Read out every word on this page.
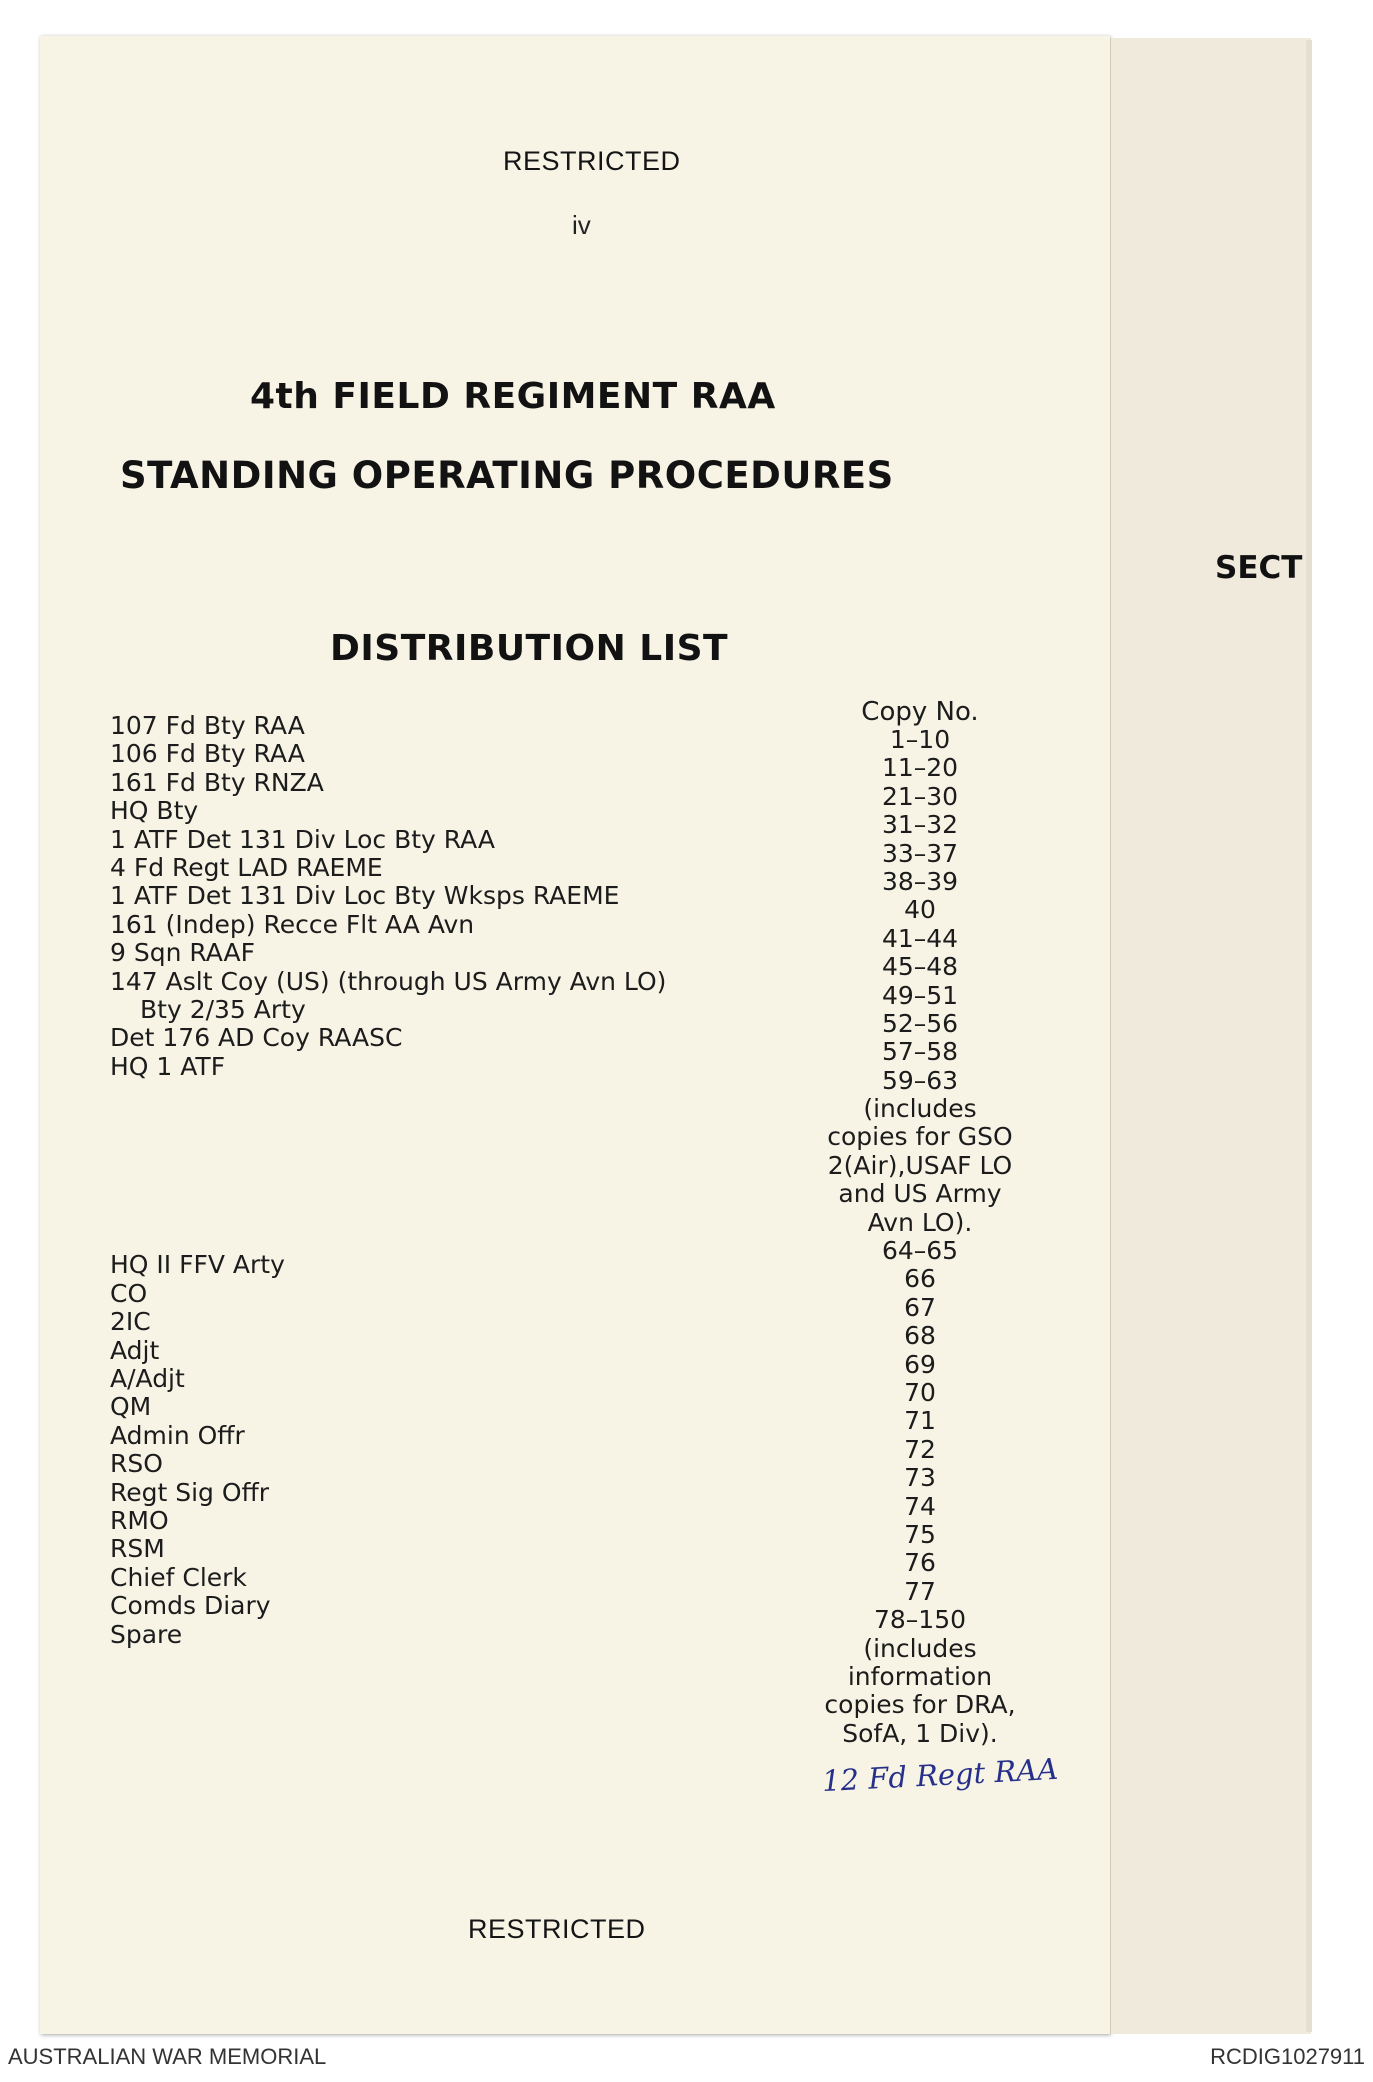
RESTRICTED
iv
4th FIELD REGIMENT RAA
STANDING OPERATING PROCEDURES
DISTRIBUTION LIST
107 Fd Bty RAA
106 Fd Bty RAA
161 Fd Bty RNZA
HQ Bty
1 ATF Det 131 Div Loc Bty RAA
4 Fd Regt LAD RAEME
1 ATF Det 131 Div Loc Bty Wksps RAEME
161 (Indep) Recce Flt AA Avn
9 Sqn RAAF
147 Aslt Coy (US) (through US Army Avn LO)
Bty 2/35 Arty
Det 176 AD Coy RAASC
HQ 1 ATF
HQ II FFV Arty
CO
2IC
Adjt
A/Adjt
QM
Admin Offr
RSO
Regt Sig Offr
RMO
RSM
Chief Clerk
Comds Diary
Spare
Copy No.
1–10
11–20
21–30
31–32
33–37
38–39
40
41–44
45–48
49–51
52–56
57–58
59–63
(includes
copies for GSO
2(Air),USAF LO
and US Army
Avn LO).
64–65
66
67
68
69
70
71
72
73
74
75
76
77
78–150
(includes
information
copies for DRA,
SofA, 1 Div).
12 Fd Regt RAA
RESTRICTED
SECT
AUSTRALIAN WAR MEMORIAL	RCDIG1027911
